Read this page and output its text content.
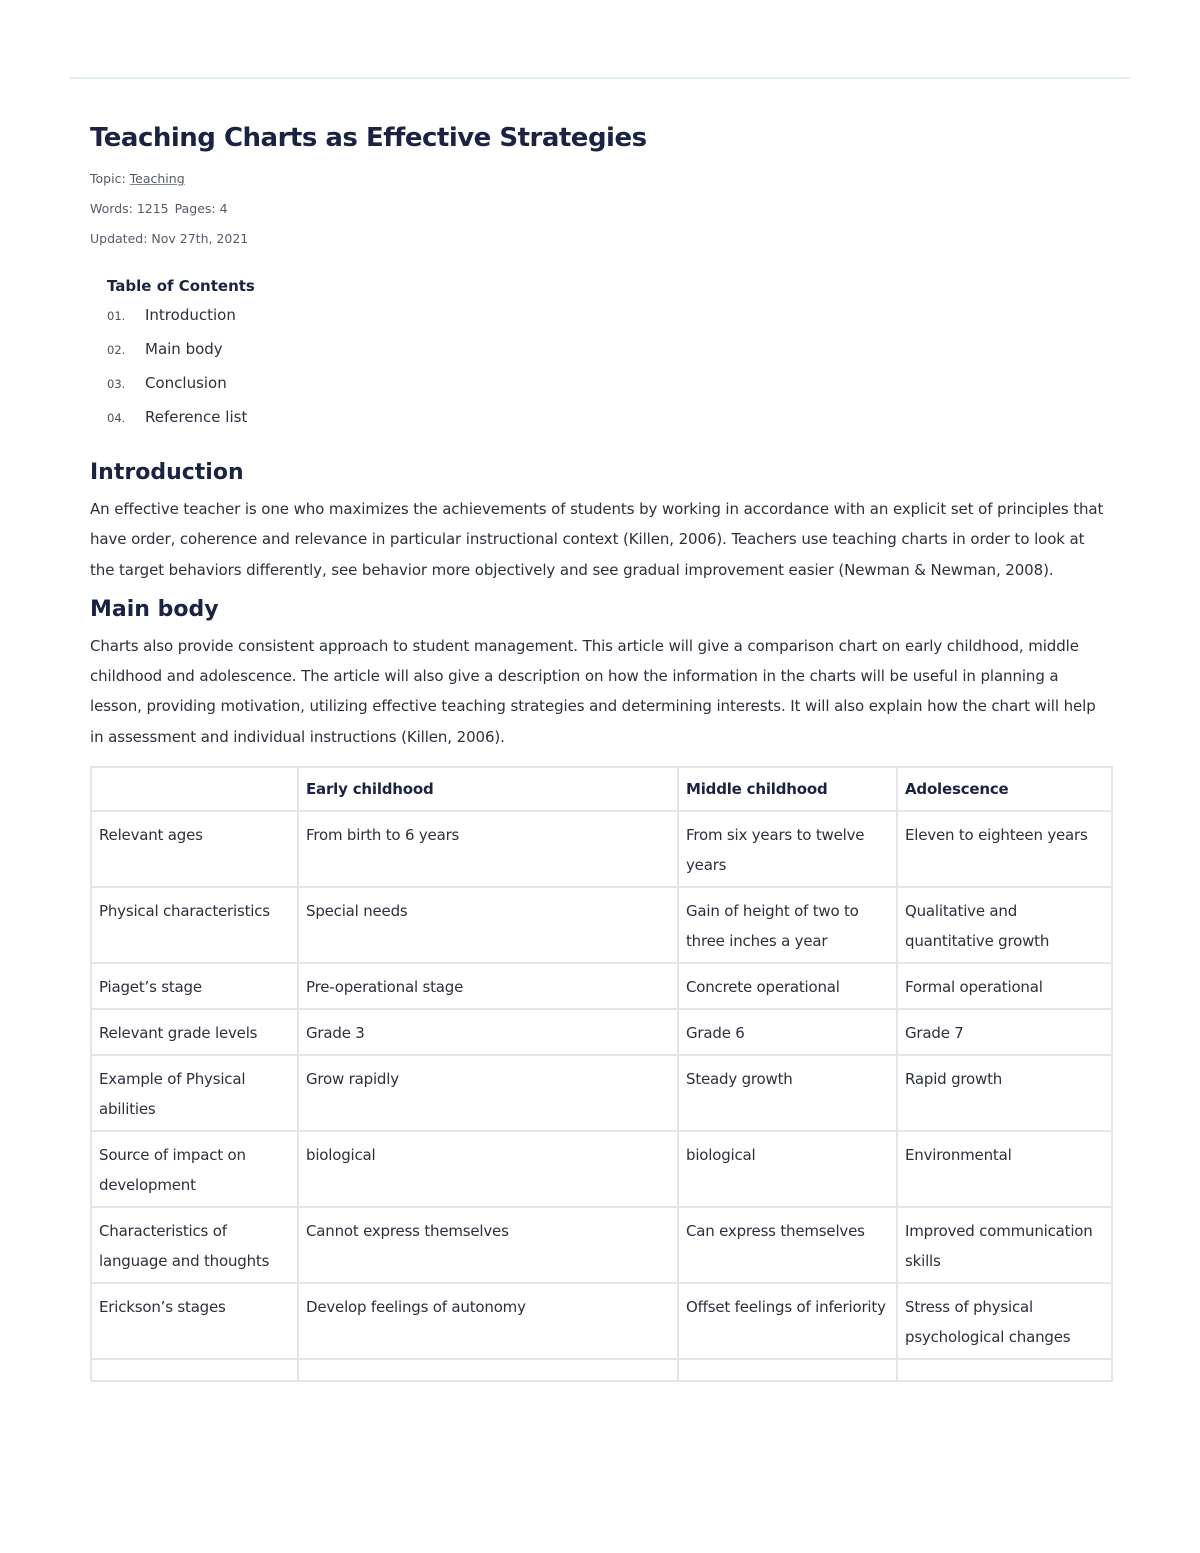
Teaching Charts as Effective Strategies
Topic: Teaching
Words: 1215 Pages: 4
Updated: Nov 27th, 2021
Table of Contents
01. Introduction
02. Main body
03. Conclusion
04. Reference list
Introduction

An effective teacher is one who maximizes the achievements of students by working in accordance with an explicit set of principles that have order, coherence and relevance in particular instructional context (Killen, 2006). Teachers use teaching charts in order to look at the target behaviors differently, see behavior more objectively and see gradual improvement easier (Newman & Newman, 2008).

Main body

Charts also provide consistent approach to student management. This article will give a comparison chart on early childhood, middle childhood and adolescence. The article will also give a description on how the information in the charts will be useful in planning a lesson, providing motivation, utilizing effective teaching strategies and determining interests. It will also explain how the chart will help in assessment and individual instructions (Killen, 2006).

	Early childhood	Middle childhood	Adolescence
Relevant ages	From birth to 6 years	From six years to twelve years	Eleven to eighteen years
Physical characteristics	Special needs	Gain of height of two to three inches a year	Qualitative and quantitative growth
Piaget’s stage	Pre-operational stage	Concrete operational	Formal operational
Relevant grade levels	Grade 3	Grade 6	Grade 7
Example of Physical abilities	Grow rapidly	Steady growth	Rapid growth
Source of impact on development	biological	biological	Environmental
Characteristics of language and thoughts	Cannot express themselves	Can express themselves	Improved communication skills
Erickson’s stages	Develop feelings of autonomy	Offset feelings of inferiority	Stress of physical psychological changes
